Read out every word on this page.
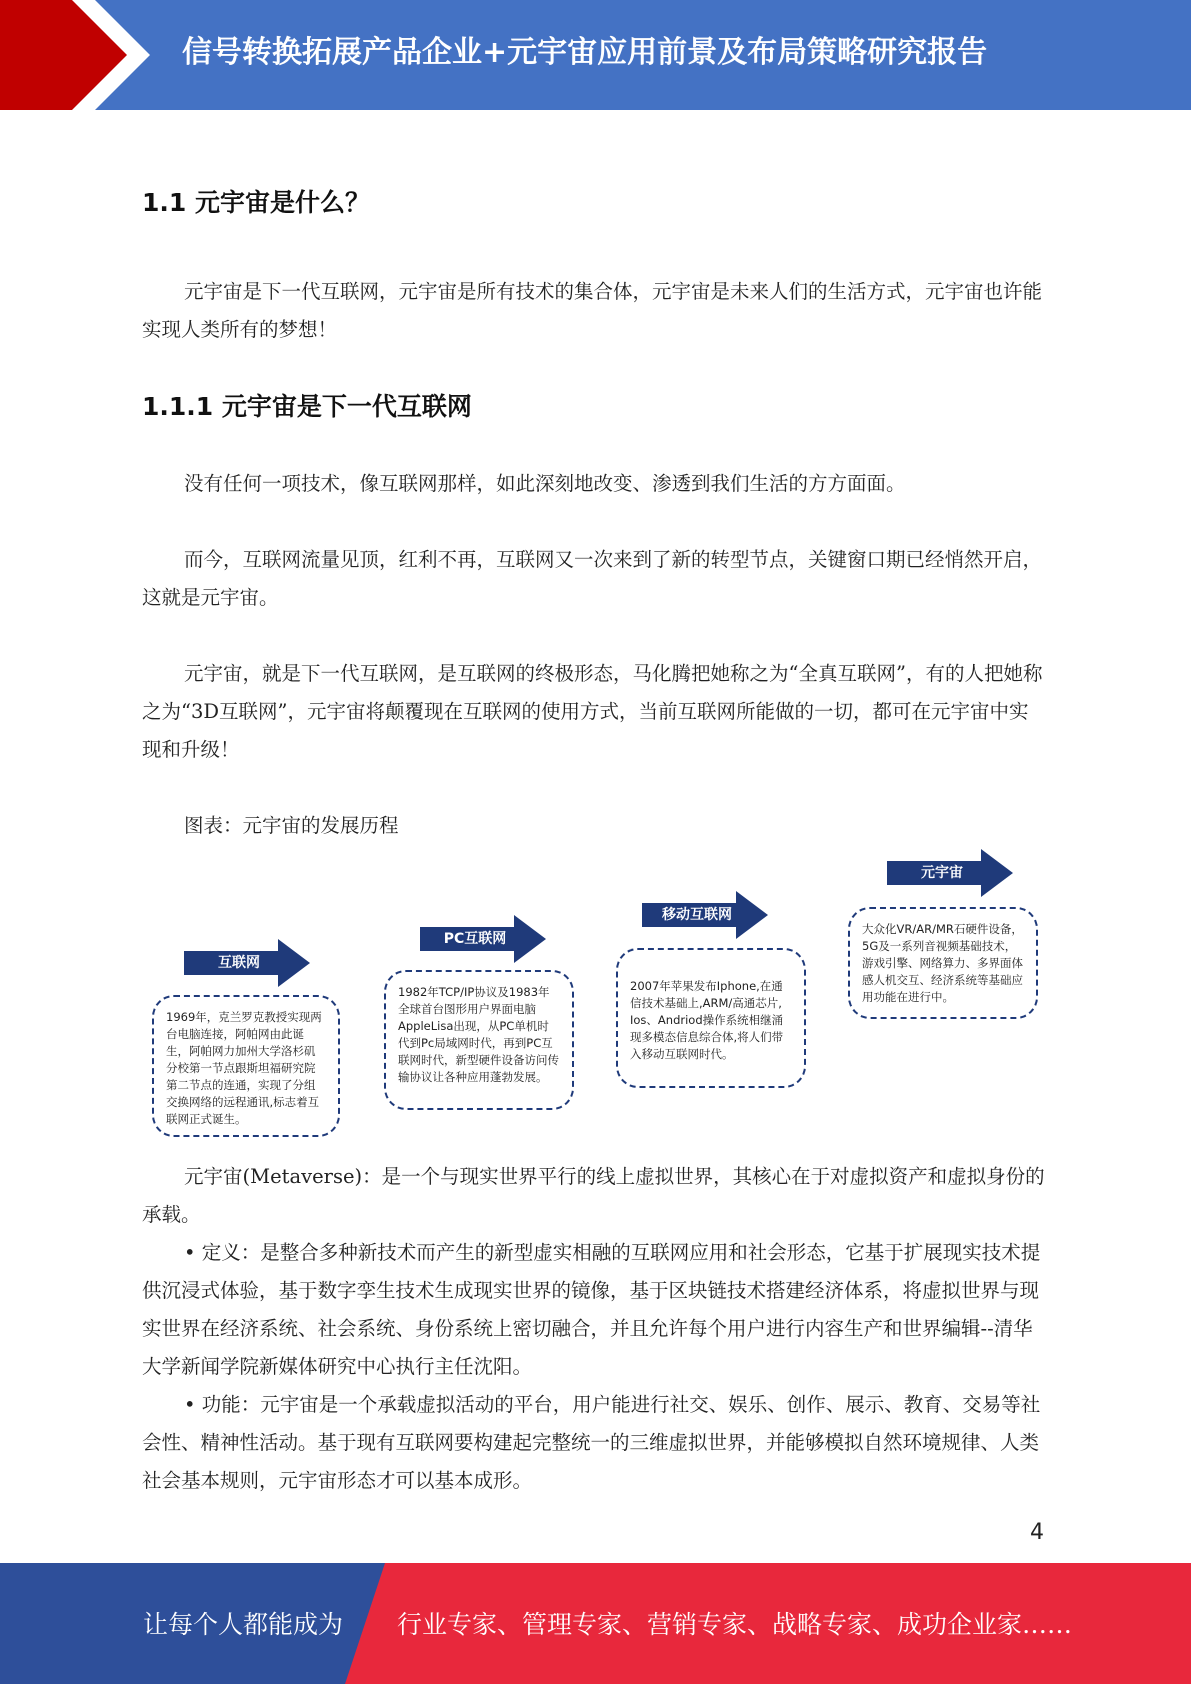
信号转换拓展产品企业+元宇宙应用前景及布局策略研究报告
1.1 元宇宙是什么？
元宇宙是下一代互联网，元宇宙是所有技术的集合体，元宇宙是未来人们的生活方式，元宇宙也许能实现人类所有的梦想！
1.1.1 元宇宙是下一代互联网
没有任何一项技术，像互联网那样，如此深刻地改变、渗透到我们生活的方方面面。
而今，互联网流量见顶，红利不再，互联网又一次来到了新的转型节点，关键窗口期已经悄然开启，这就是元宇宙。
元宇宙，就是下一代互联网，是互联网的终极形态，马化腾把她称之为“全真互联网”，有的人把她称之为“3D互联网”，元宇宙将颠覆现在互联网的使用方式，当前互联网所能做的一切，都可在元宇宙中实现和升级！
图表：元宇宙的发展历程
互联网
1969年，克兰罗克教授实现两台电脑连接，阿帕网由此诞生，阿帕网力加州大学洛杉矶分校第一节点跟斯坦福研究院第二节点的连通，实现了分组交换网络的远程通讯,标志着互联网正式诞生。
PC互联网
1982年TCP/IP协议及1983年全球首台图形用户界面电脑AppleLisa出现，从PC单机时代到Pc局域网时代，再到PC互联网时代，新型硬件设备访问传输协议让各种应用蓬勃发展。
移动互联网
2007年苹果发布Iphone,在通信技术基础上,ARM/高通芯片, Ios、Andriod操作系统相继涌现多模态信息综合体,将人们带入移动互联网时代。
元宇宙
大众化VR/AR/MR石硬件设备，5G及一系列音视频基础技术，游戏引擎、网络算力、多界面体感人机交互、经济系统等基础应用功能在进行中。
元宇宙(Metaverse)：是一个与现实世界平行的线上虚拟世界，其核心在于对虚拟资产和虚拟身份的承载。
• 定义：是整合多种新技术而产生的新型虚实相融的互联网应用和社会形态，它基于扩展现实技术提供沉浸式体验，基于数字孪生技术生成现实世界的镜像，基于区块链技术搭建经济体系，将虚拟世界与现实世界在经济系统、社会系统、身份系统上密切融合，并且允许每个用户进行内容生产和世界编辑--清华大学新闻学院新媒体研究中心执行主任沈阳。
• 功能：元宇宙是一个承载虚拟活动的平台，用户能进行社交、娱乐、创作、展示、教育、交易等社会性、精神性活动。基于现有互联网要构建起完整统一的三维虚拟世界，并能够模拟自然环境规律、人类社会基本规则，元宇宙形态才可以基本成形。
4
让每个人都能成为 行业专家、管理专家、营销专家、战略专家、成功企业家……
